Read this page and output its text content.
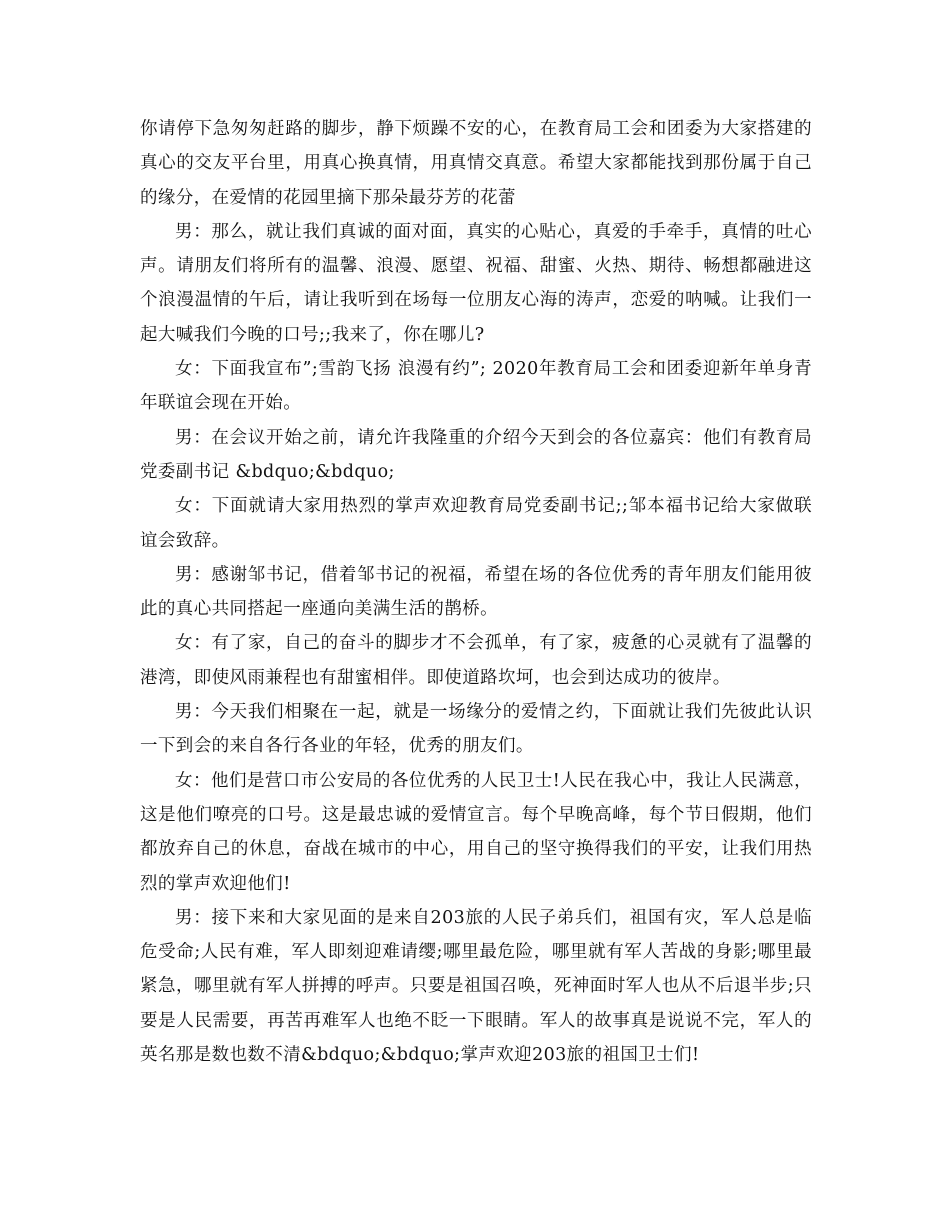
你请停下急匆匆赶路的脚步，静下烦躁不安的心，在教育局工会和团委为大家搭建的真心的交友平台里，用真心换真情，用真情交真意。希望大家都能找到那份属于自己的缘分，在爱情的花园里摘下那朵最芬芳的花蕾

男：那么，就让我们真诚的面对面，真实的心贴心，真爱的手牵手，真情的吐心声。请朋友们将所有的温馨、浪漫、愿望、祝福、甜蜜、火热、期待、畅想都融进这个浪漫温情的午后，请让我听到在场每一位朋友心海的涛声，恋爱的呐喊。让我们一起大喊我们今晚的口号;;我来了，你在哪儿?

女：下面我宣布”;雪韵飞扬 浪漫有约”; 2020年教育局工会和团委迎新年单身青年联谊会现在开始。

男：在会议开始之前，请允许我隆重的介绍今天到会的各位嘉宾：他们有教育局党委副书记 &bdquo;&bdquo;

女：下面就请大家用热烈的掌声欢迎教育局党委副书记;;邹本福书记给大家做联谊会致辞。

男：感谢邹书记，借着邹书记的祝福，希望在场的各位优秀的青年朋友们能用彼此的真心共同搭起一座通向美满生活的鹊桥。

女：有了家，自己的奋斗的脚步才不会孤单，有了家，疲惫的心灵就有了温馨的港湾，即使风雨兼程也有甜蜜相伴。即使道路坎坷，也会到达成功的彼岸。

男：今天我们相聚在一起，就是一场缘分的爱情之约，下面就让我们先彼此认识一下到会的来自各行各业的年轻，优秀的朋友们。

女：他们是营口市公安局的各位优秀的人民卫士!人民在我心中，我让人民满意，这是他们嘹亮的口号。这是最忠诚的爱情宣言。每个早晚高峰，每个节日假期，他们都放弃自己的休息，奋战在城市的中心，用自己的坚守换得我们的平安，让我们用热烈的掌声欢迎他们!

男：接下来和大家见面的是来自203旅的人民子弟兵们，祖国有灾，军人总是临危受命;人民有难，军人即刻迎难请缨;哪里最危险，哪里就有军人苦战的身影;哪里最紧急，哪里就有军人拼搏的呼声。只要是祖国召唤，死神面时军人也从不后退半步;只要是人民需要，再苦再难军人也绝不眨一下眼睛。军人的故事真是说说不完，军人的英名那是数也数不清&bdquo;&bdquo;掌声欢迎203旅的祖国卫士们!
